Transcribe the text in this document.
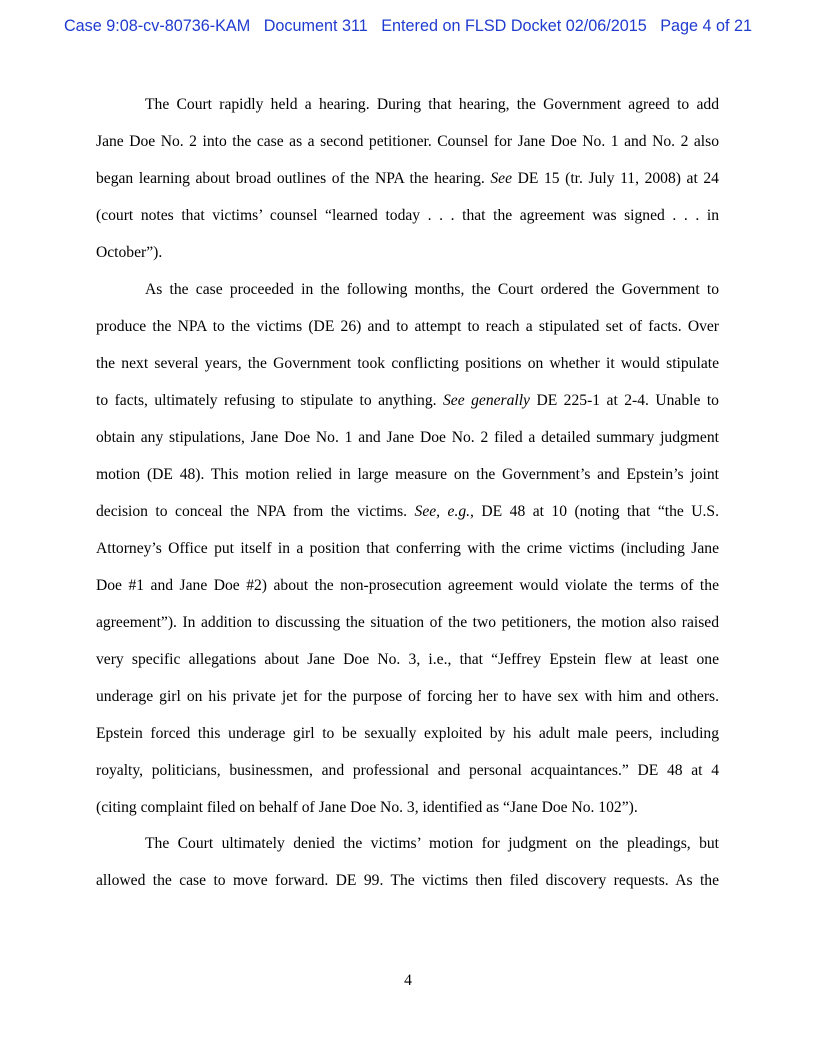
Case 9:08-cv-80736-KAM   Document 311   Entered on FLSD Docket 02/06/2015   Page 4 of 21
The Court rapidly held a hearing. During that hearing, the Government agreed to add
Jane Doe No. 2 into the case as a second petitioner. Counsel for Jane Doe No. 1 and No. 2 also
began learning about broad outlines of the NPA the hearing. See DE 15 (tr. July 11, 2008) at 24
(court notes that victims’ counsel “learned today . . . that the agreement was signed . . . in
October”).
As the case proceeded in the following months, the Court ordered the Government to
produce the NPA to the victims (DE 26) and to attempt to reach a stipulated set of facts. Over
the next several years, the Government took conflicting positions on whether it would stipulate
to facts, ultimately refusing to stipulate to anything. See generally DE 225-1 at 2-4. Unable to
obtain any stipulations, Jane Doe No. 1 and Jane Doe No. 2 filed a detailed summary judgment
motion (DE 48). This motion relied in large measure on the Government’s and Epstein’s joint
decision to conceal the NPA from the victims. See, e.g., DE 48 at 10 (noting that “the U.S.
Attorney’s Office put itself in a position that conferring with the crime victims (including Jane
Doe #1 and Jane Doe #2) about the non-prosecution agreement would violate the terms of the
agreement”). In addition to discussing the situation of the two petitioners, the motion also raised
very specific allegations about Jane Doe No. 3, i.e., that “Jeffrey Epstein flew at least one
underage girl on his private jet for the purpose of forcing her to have sex with him and others.
Epstein forced this underage girl to be sexually exploited by his adult male peers, including
royalty, politicians, businessmen, and professional and personal acquaintances.” DE 48 at 4
(citing complaint filed on behalf of Jane Doe No. 3, identified as “Jane Doe No. 102”).
The Court ultimately denied the victims’ motion for judgment on the pleadings, but
allowed the case to move forward. DE 99. The victims then filed discovery requests. As the
4
